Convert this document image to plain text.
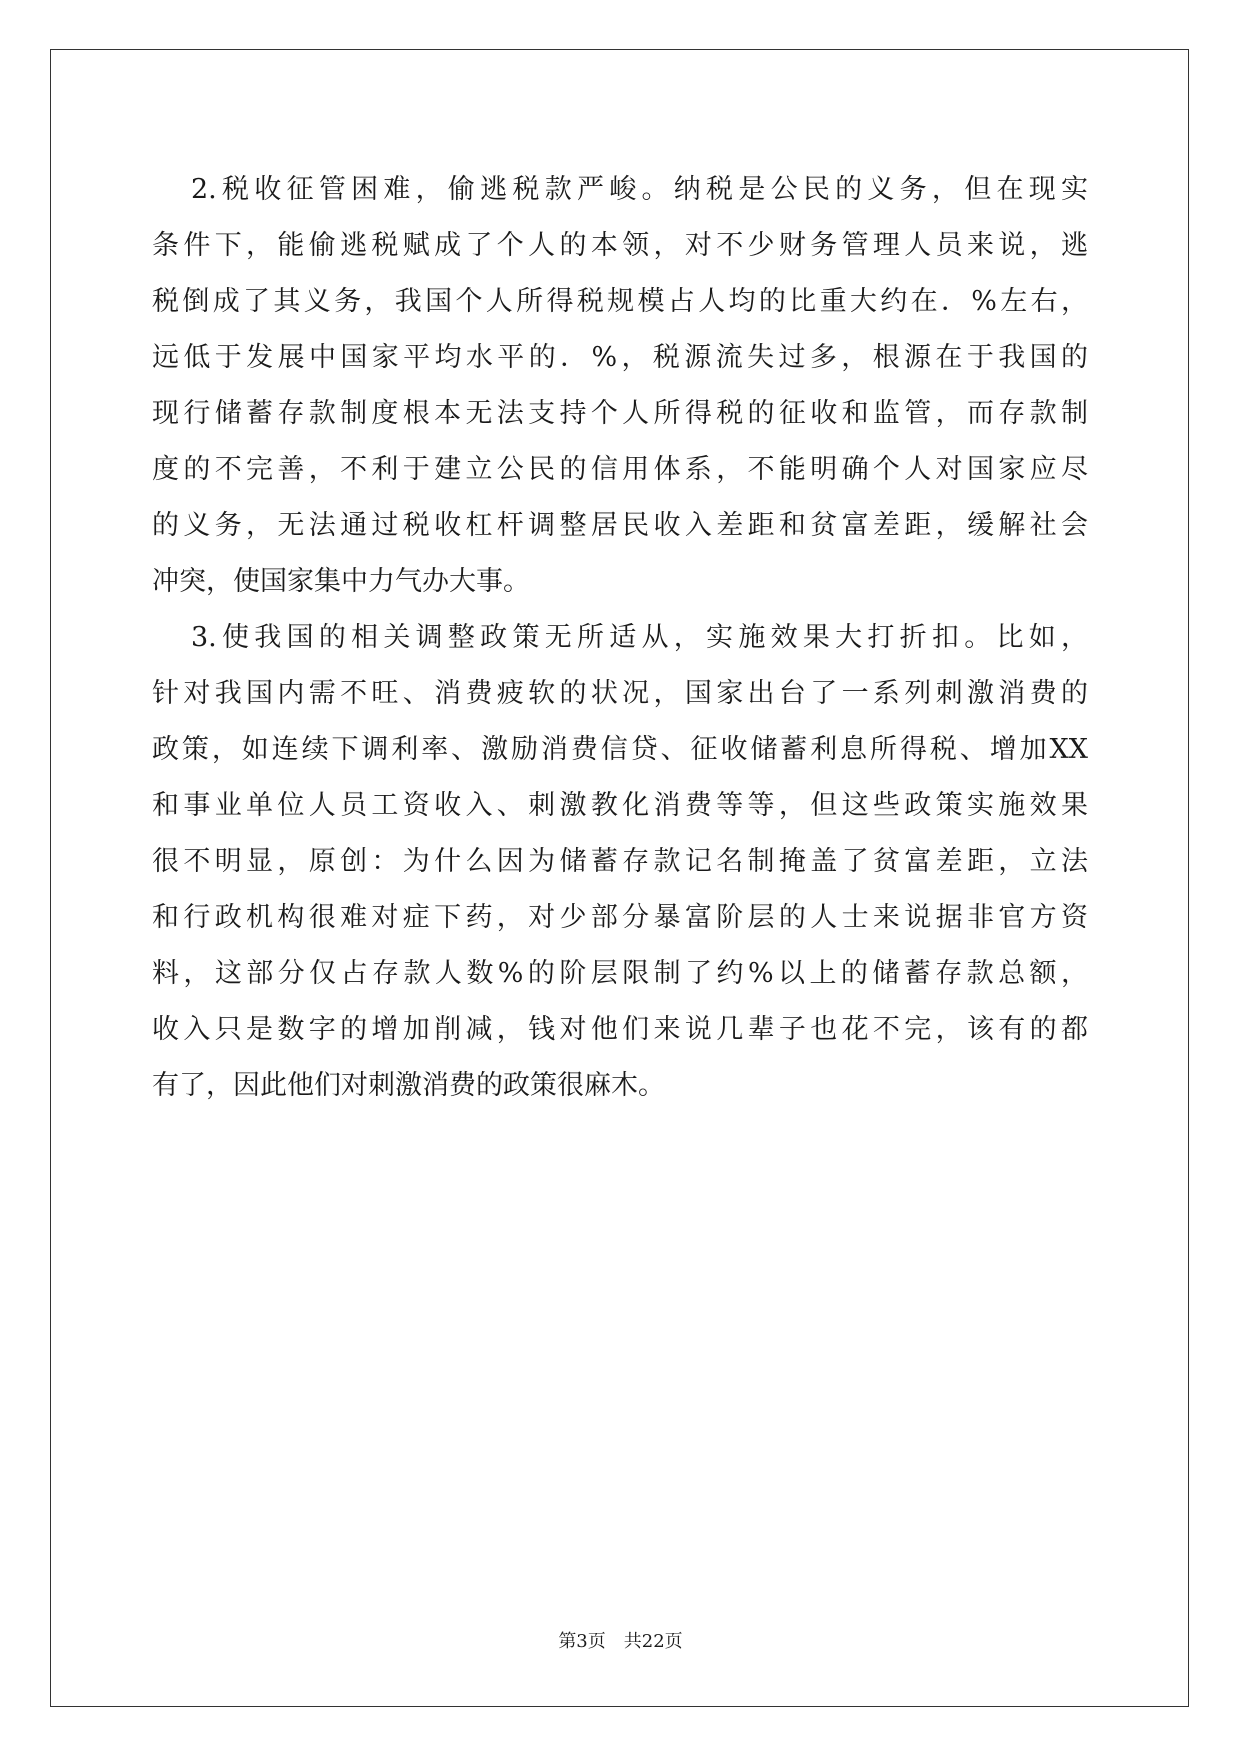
2.税收征管困难，偷逃税款严峻。纳税是公民的义务，但在现实
条件下，能偷逃税赋成了个人的本领，对不少财务管理人员来说，逃
税倒成了其义务，我国个人所得税规模占人均的比重大约在．%左右，
远低于发展中国家平均水平的．%，税源流失过多，根源在于我国的
现行储蓄存款制度根本无法支持个人所得税的征收和监管，而存款制
度的不完善，不利于建立公民的信用体系，不能明确个人对国家应尽
的义务，无法通过税收杠杆调整居民收入差距和贫富差距，缓解社会
冲突，使国家集中力气办大事。
3.使我国的相关调整政策无所适从，实施效果大打折扣。比如，
针对我国内需不旺、消费疲软的状况，国家出台了一系列刺激消费的
政策，如连续下调利率、激励消费信贷、征收储蓄利息所得税、增加XX
和事业单位人员工资收入、刺激教化消费等等，但这些政策实施效果
很不明显，原创：为什么因为储蓄存款记名制掩盖了贫富差距，立法
和行政机构很难对症下药，对少部分暴富阶层的人士来说据非官方资
料，这部分仅占存款人数%的阶层限制了约%以上的储蓄存款总额，
收入只是数字的增加削减，钱对他们来说几辈子也花不完，该有的都
有了，因此他们对刺激消费的政策很麻木。
第3页 共22页
